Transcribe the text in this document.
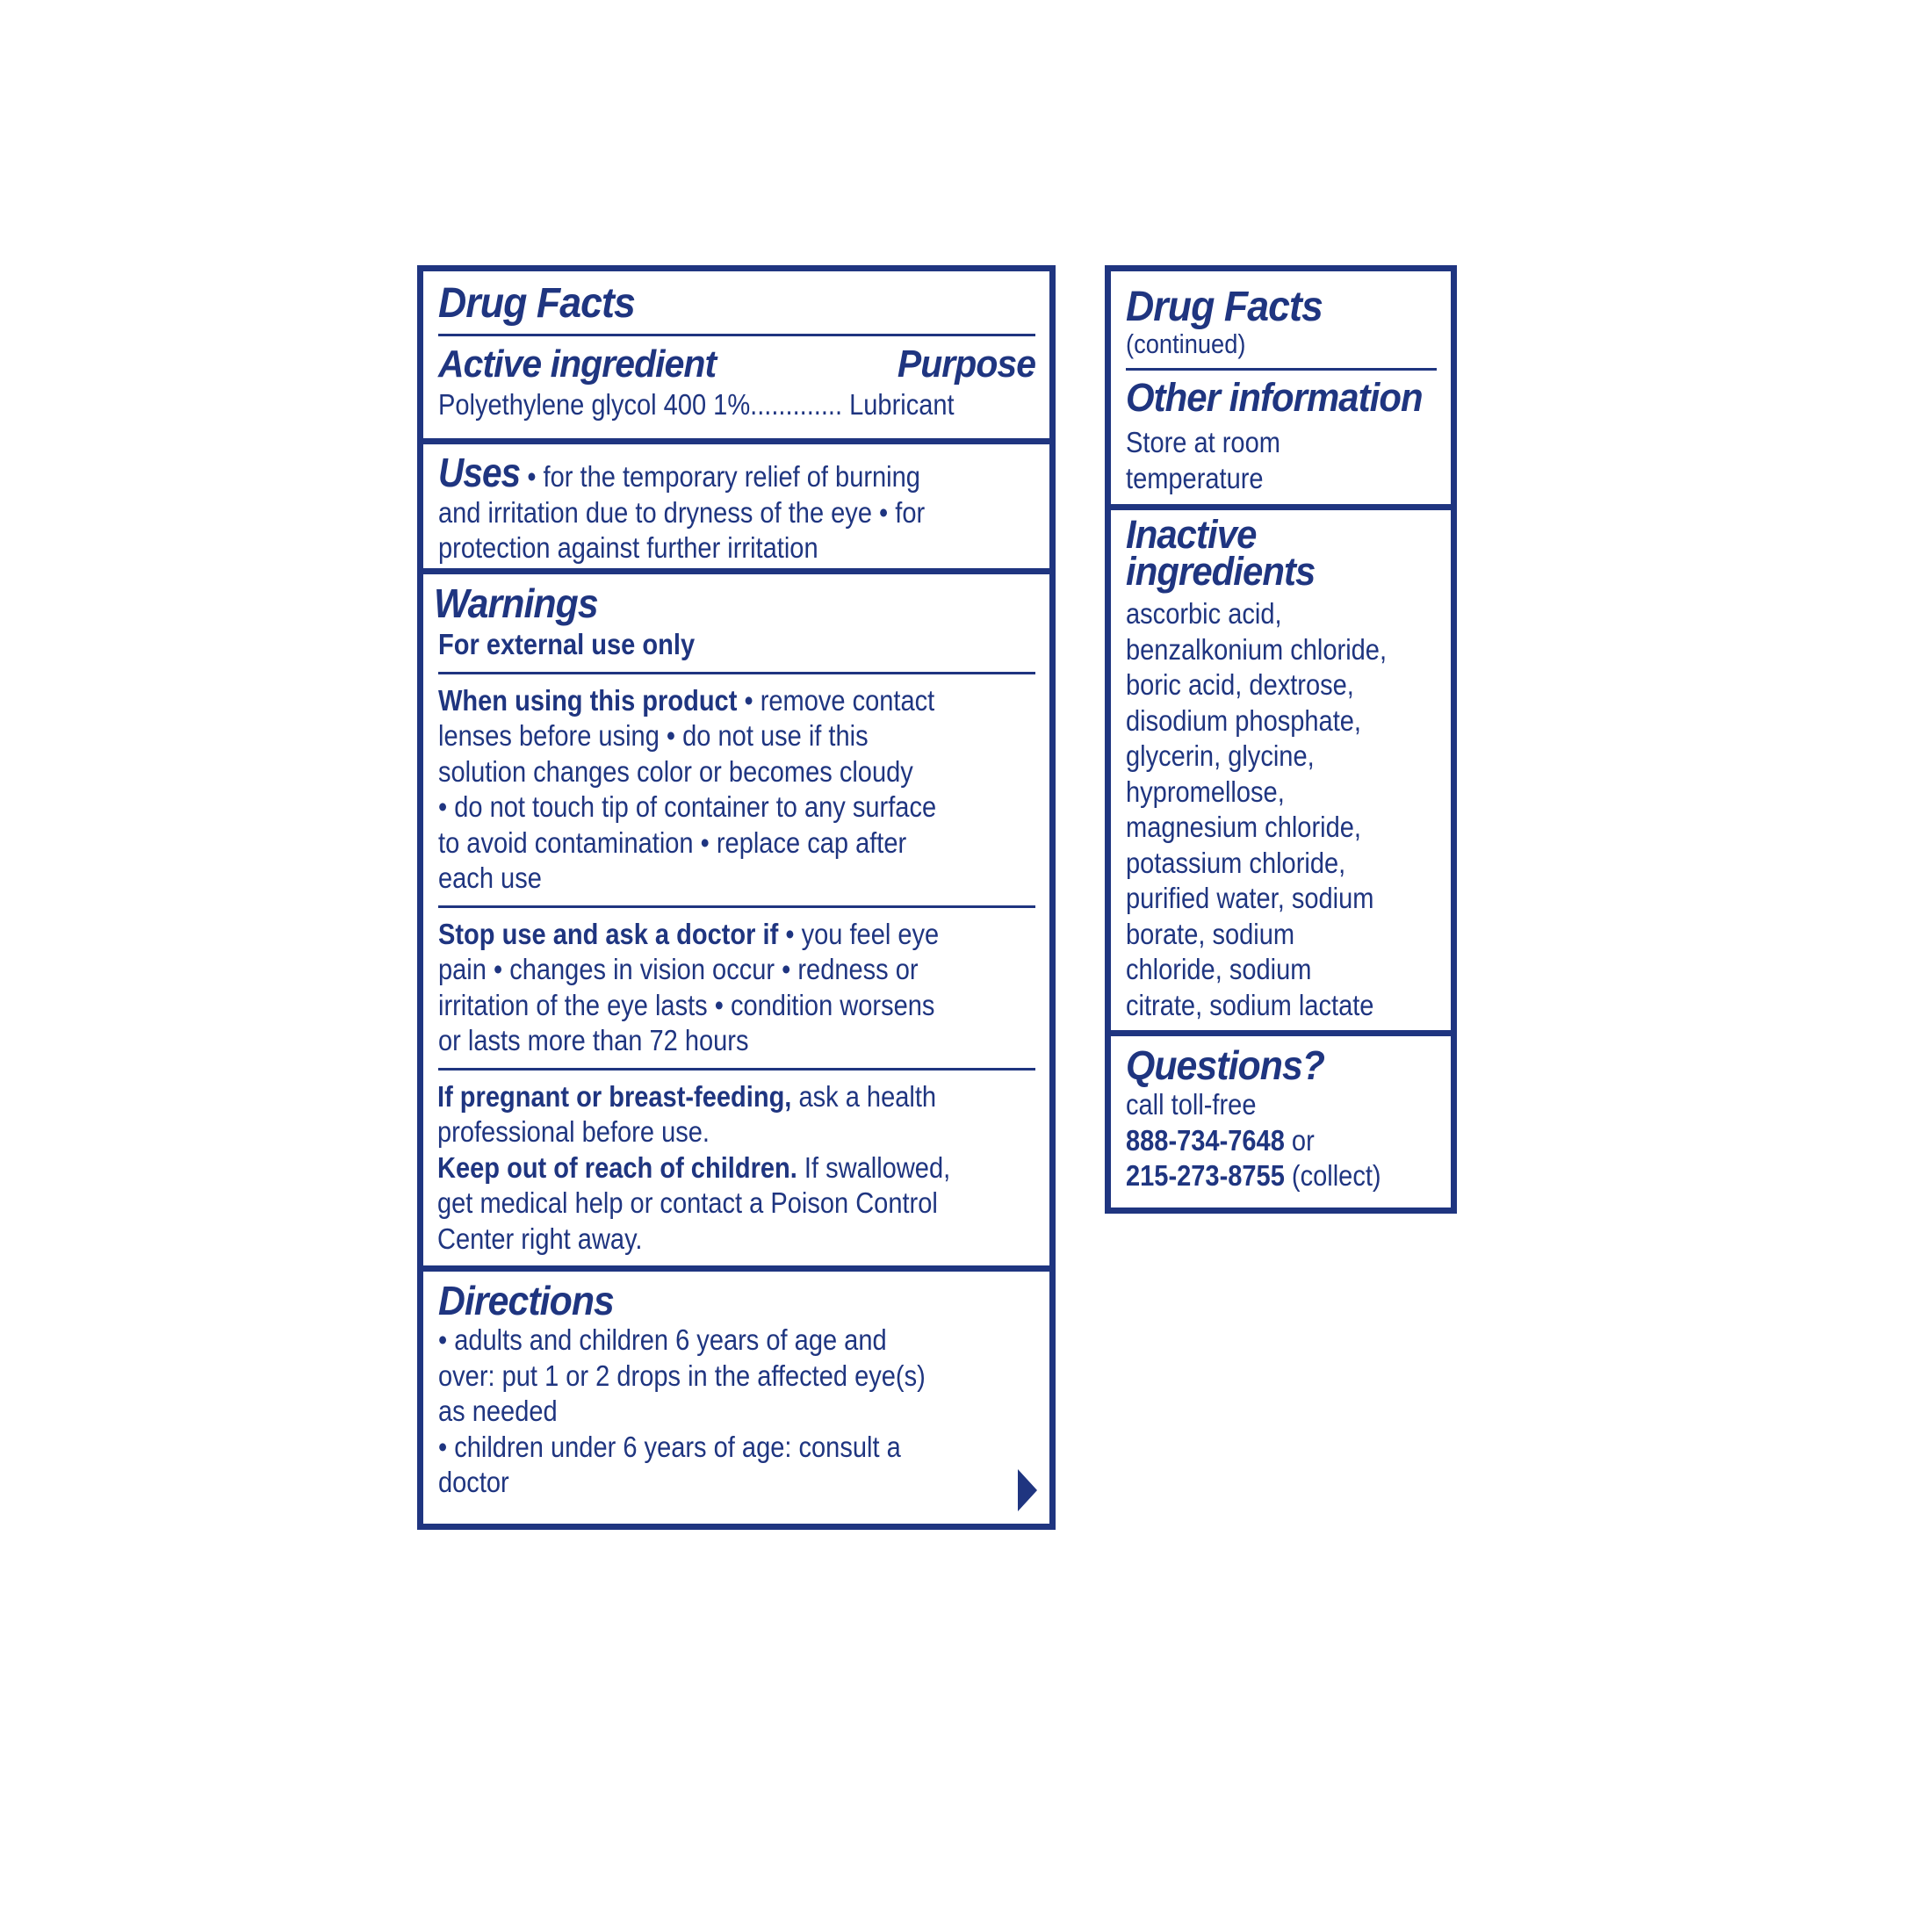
Drug Facts
Active ingredient	Purpose
Polyethylene glycol 400 1%............. Lubricant
Uses • for the temporary relief of burning
and irritation due to dryness of the eye • for
protection against further irritation
Warnings
For external use only
When using this product • remove contact
lenses before using • do not use if this
solution changes color or becomes cloudy
• do not touch tip of container to any surface
to avoid contamination • replace cap after
each use
Stop use and ask a doctor if • you feel eye
pain • changes in vision occur • redness or
irritation of the eye lasts • condition worsens
or lasts more than 72 hours
If pregnant or breast-feeding, ask a health
professional before use.
Keep out of reach of children. If swallowed,
get medical help or contact a Poison Control
Center right away.
Directions
• adults and children 6 years of age and
over: put 1 or 2 drops in the affected eye(s)
as needed
• children under 6 years of age: consult a
doctor
Drug Facts
(continued)
Other information
Store at room
temperature
Inactive
ingredients
ascorbic acid,
benzalkonium chloride,
boric acid, dextrose,
disodium phosphate,
glycerin, glycine,
hypromellose,
magnesium chloride,
potassium chloride,
purified water, sodium
borate, sodium
chloride, sodium
citrate, sodium lactate
Questions?
call toll-free
888-734-7648 or
215-273-8755 (collect)
